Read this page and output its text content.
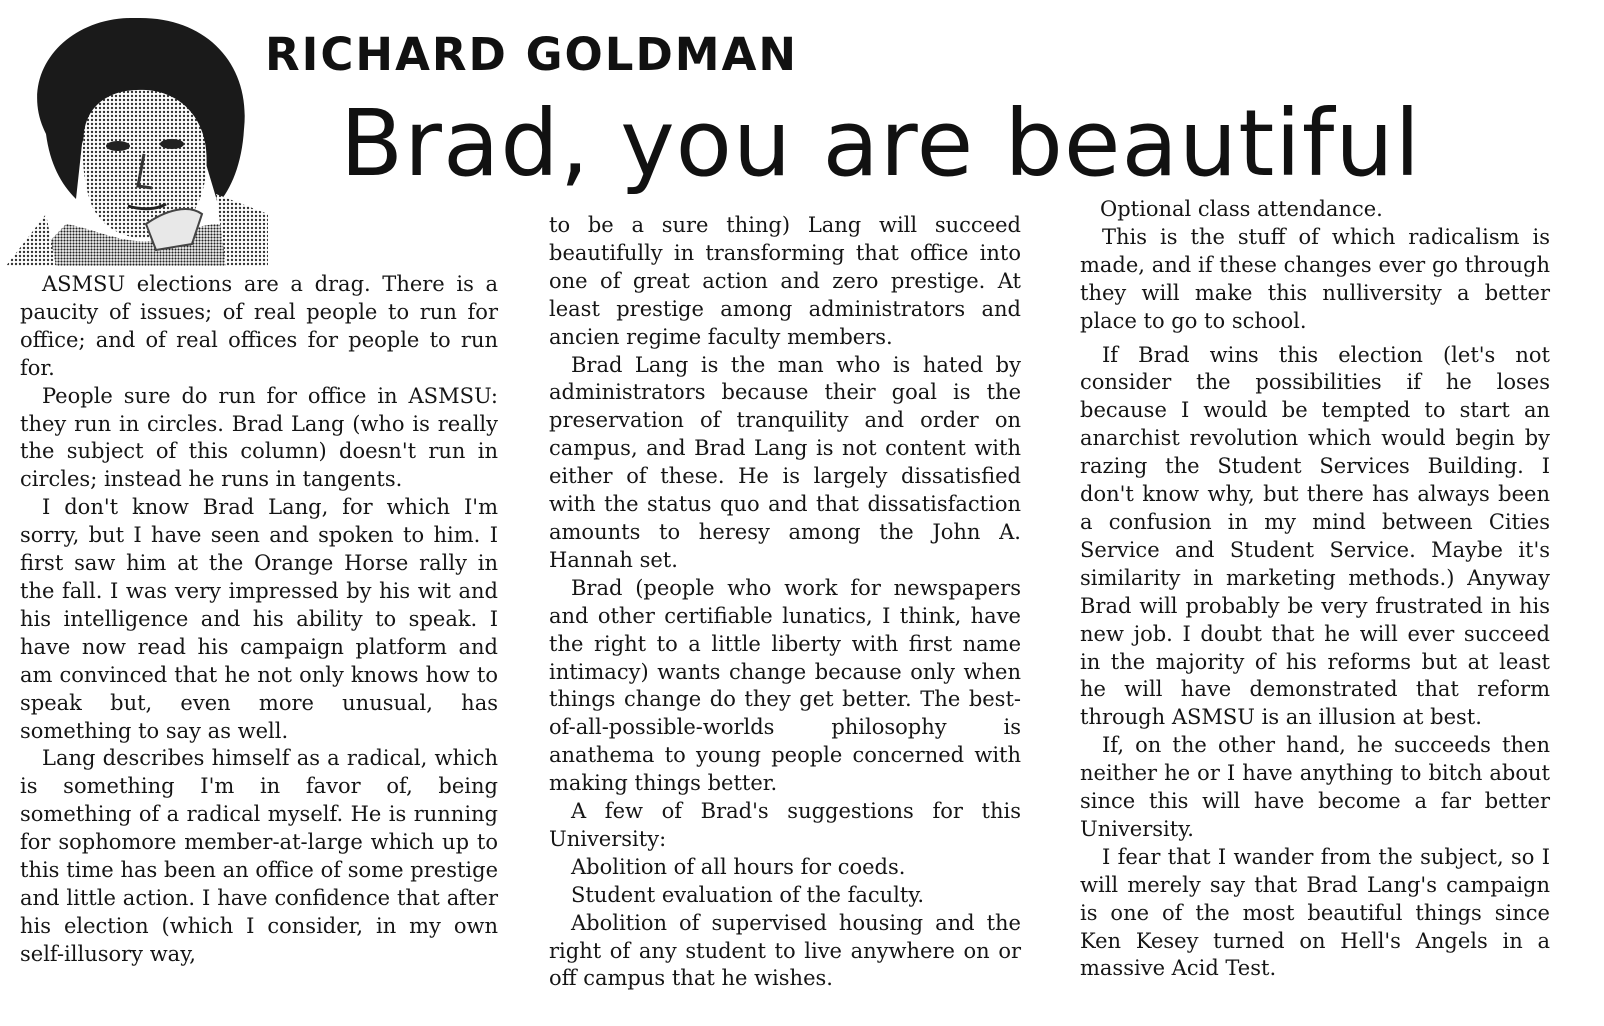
RICHARD GOLDMAN
Brad, you are beautiful

ASMSU elections are a drag. There is a paucity of issues; of real people to run for office; and of real offices for people to run for.

People sure do run for office in ASMSU: they run in circles. Brad Lang (who is really the subject of this column) doesn't run in circles; instead he runs in tangents.

I don't know Brad Lang, for which I'm sorry, but I have seen and spoken to him. I first saw him at the Orange Horse rally in the fall. I was very impressed by his wit and his intelligence and his ability to speak. I have now read his campaign platform and am convinced that he not only knows how to speak but, even more unusual, has something to say as well.

Lang describes himself as a radical, which is something I'm in favor of, being something of a radical myself. He is running for sophomore member-at-large which up to this time has been an office of some prestige and little action. I have confidence that after his election (which I consider, in my own self-illusory way,

to be a sure thing) Lang will succeed beautifully in transforming that office into one of great action and zero prestige. At least prestige among administrators and ancien regime faculty members.

Brad Lang is the man who is hated by administrators because their goal is the preservation of tranquility and order on campus, and Brad Lang is not content with either of these. He is largely dissatisfied with the status quo and that dissatisfaction amounts to heresy among the John A. Hannah set.

Brad (people who work for newspapers and other certifiable lunatics, I think, have the right to a little liberty with first name intimacy) wants change because only when things change do they get better. The best-of-all-possible-worlds philosophy is anathema to young people concerned with making things better.

A few of Brad's suggestions for this University:

Abolition of all hours for coeds.

Student evaluation of the faculty.

Abolition of supervised housing and the right of any student to live anywhere on or off campus that he wishes.

Optional class attendance.

This is the stuff of which radicalism is made, and if these changes ever go through they will make this nulliversity a better place to go to school.

If Brad wins this election (let's not consider the possibilities if he loses because I would be tempted to start an anarchist revolution which would begin by razing the Student Services Building. I don't know why, but there has always been a confusion in my mind between Cities Service and Student Service. Maybe it's similarity in marketing methods.) Anyway Brad will probably be very frustrated in his new job. I doubt that he will ever succeed in the majority of his reforms but at least he will have demonstrated that reform through ASMSU is an illusion at best.

If, on the other hand, he succeeds then neither he or I have anything to bitch about since this will have become a far better University.

I fear that I wander from the subject, so I will merely say that Brad Lang's campaign is one of the most beautiful things since Ken Kesey turned on Hell's Angels in a massive Acid Test.
